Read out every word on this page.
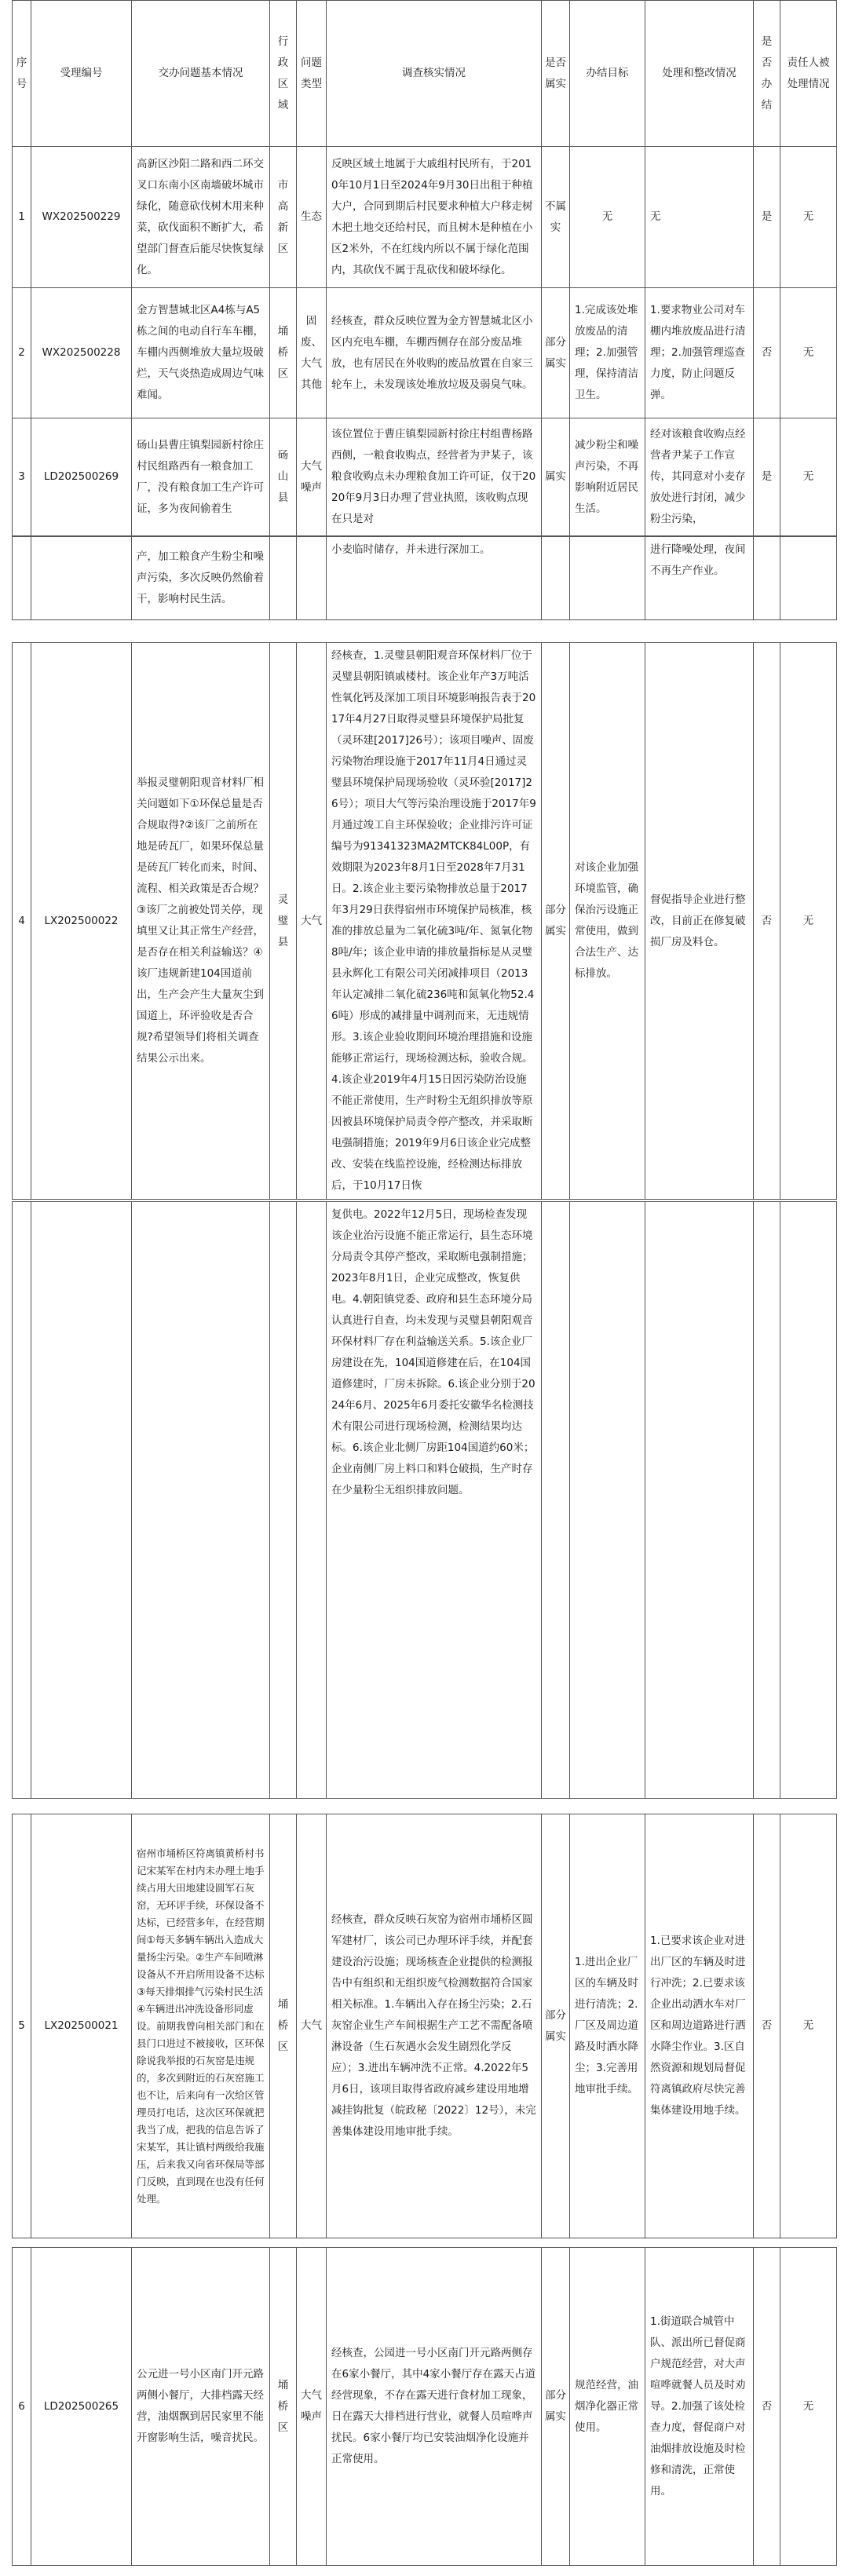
序号	受理编号	交办问题基本情况	行政区域	问题类型	调查核实情况	是否属实	办结目标	处理和整改情况	是否办结	责任人被处理情况
1	WX202500229	高新区沙阳二路和西二环交叉口东南小区南墙破坏城市绿化，随意砍伐树木用来种菜，砍伐面积不断扩大，希望部门督查后能尽快恢复绿化。	市高新区	生态	反映区域土地属于大戚组村民所有，于2010年10月1日至2024年9月30日出租于种植大户，合同到期后村民要求种植大户移走树木把土地交还给村民，而且树木是种植在小区2米外，不在红线内所以不属于绿化范围内，其砍伐不属于乱砍伐和破坏绿化。	不属实	无	无	是	无
2	WX202500228	金方智慧城北区A4栋与A5栋之间的电动自行车车棚，车棚内西侧堆放大量垃圾破烂，天气炎热造成周边气味难闻。	埇桥区	固废、大气其他	经核查，群众反映位置为金方智慧城北区小区内充电车棚，车棚西侧存在部分废品堆放，也有居民在外收购的废品放置在自家三轮车上，未发现该处堆放垃圾及弱臭气味。	部分属实	1.完成该处堆放废品的清理；2.加强管理，保持清洁卫生。	1.要求物业公司对车棚内堆放废品进行清理；2.加强管理巡查力度，防止问题反弹。	否	无
3	LD202500269	砀山县曹庄镇梨园新村徐庄村民组路西有一粮食加工厂，没有粮食加工生产许可证，多为夜间偷着生	砀山县	大气噪声	该位置位于曹庄镇梨园新村徐庄村组曹杨路西侧，一粮食收购点，经营者为尹某子，该粮食收购点未办理粮食加工许可证，仅于2020年9月3日办理了营业执照，该收购点现在只是对	属实	减少粉尘和噪声污染，不再影响附近居民生活。	经对该粮食收购点经营者尹某子工作宣传，其同意对小麦存放处进行封闭，减少粉尘污染，	是	无
		产，加工粮食产生粉尘和噪声污染，多次反映仍然偷着干，影响村民生活。			小麦临时储存，并未进行深加工。			进行降噪处理，夜间不再生产作业。		
4	LX202500022	举报灵璧朝阳观音材料厂相关问题如下①环保总量是否合规取得?②该厂之前所在地是砖瓦厂，如果环保总量是砖瓦厂转化而来，时间、流程、相关政策是否合规？③该厂之前被处罚关停，现填里又让其正常生产经营，是否存在相关利益输送？④该厂违规新建104国道前出，生产会产生大量灰尘到国道上，环评验收是否合规?希望领导们将相关调查结果公示出来。	灵璧县	大气	经核查，1.灵璧县朝阳观音环保材料厂位于灵璧县朝阳镇戚楼村。该企业年产3万吨活性氧化钙及深加工项目环境影响报告表于2017年4月27日取得灵璧县环境保护局批复（灵环建[2017]26号）；该项目噪声、固废污染物治理设施于2017年11月4日通过灵璧县环境保护局现场验收（灵环验[2017]26号）；项目大气等污染治理设施于2017年9月通过竣工自主环保验收；企业排污许可证编号为91341323MA2MTCK84L00P，有效期限为2023年8月1日至2028年7月31日。2.该企业主要污染物排放总量于2017年3月29日获得宿州市环境保护局核准，核准的排放总量为二氧化硫3吨/年、氮氧化物8吨/年；该企业申请的排放量指标是从灵璧县永辉化工有限公司关闭减排项目（2013年认定减排二氧化硫236吨和氮氧化物52.46吨）形成的减排量中调剂而来，无违规情形。3.该企业验收期间环境治理措施和设施能够正常运行，现场检测达标，验收合规。4.该企业2019年4月15日因污染防治设施不能正常使用，生产时粉尘无组织排放等原因被县环境保护局责令停产整改，并采取断电强制措施；2019年9月6日该企业完成整改、安装在线监控设施，经检测达标排放后，于10月17日恢	部分属实	对该企业加强环境监管，确保治污设施正常使用，做到合法生产、达标排放。	督促指导企业进行整改，目前正在修复破损厂房及料仓。	否	无
					复供电。2022年12月5日，现场检查发现该企业治污设施不能正常运行，县生态环境分局责令其停产整改，采取断电强制措施；2023年8月1日，企业完成整改，恢复供电。4.朝阳镇党委、政府和县生态环境分局认真进行自查，均未发现与灵璧县朝阳观音环保材料厂存在利益输送关系。5.该企业厂房建设在先，104国道修建在后，在104国道修建时，厂房未拆除。6.该企业分别于2024年6月、2025年6月委托安徽华名检测技术有限公司进行现场检测，检测结果均达标。6.该企业北侧厂房距104国道约60米；企业南侧厂房上料口和料仓破损，生产时存在少量粉尘无组织排放问题。					
5	LX202500021	宿州市埇桥区符离镇黄桥村书记宋某军在村内未办理土地手续占用大田地建设圆军石灰窑，无环评手续，环保设备不达标，已经营多年，在经营期间①每天多辆车辆出入造成大量扬尘污染。②生产车间喷淋设备从不开启所用设备不达标③每天排烟排气污染村民生活④车辆进出冲洗设备形同虚设。前期我曾向相关部门和在县门口进过不被接收，区环保除说我举报的石灰窑是违规的，多次到附近的石灰窑施工也不让，后来向有一次给区管理员打电话，这次区环保就把我当了成，把我的信息告诉了宋某军，其让镇村两级给我施压，后来我又向省环保局等部门反映，直到现在也没有任何处理。	埇桥区	大气	经核查，群众反映石灰窑为宿州市埇桥区圆军建材厂，该公司已办理环评手续，并配套建设治污设施；现场核查企业提供的检测报告中有组织和无组织废气检测数据符合国家相关标准。1.车辆出入存在扬尘污染；2.石灰窑企业生产车间根据生产工艺不需配备喷淋设备（生石灰遇水会发生剧烈化学反应）；3.进出车辆冲洗不正常。4.2022年5月6日，该项目取得省政府减乡建设用地增减挂钩批复（皖政秘〔2022〕12号），未完善集体建设用地审批手续。	部分属实	1.进出企业厂区的车辆及时进行清洗；2.厂区及周边道路及时洒水降尘；3.完善用地审批手续。	1.已要求该企业对进出厂区的车辆及时进行冲洗；2.已要求该企业出动洒水车对厂区和周边道路进行洒水降尘作业。3.区自然资源和规划局督促符离镇政府尽快完善集体建设用地手续。	否	无
6	LD202500265	公元进一号小区南门开元路两侧小餐厅，大排档露天经营，油烟飘到居民家里不能开窗影响生活，噪音扰民。	埇桥区	大气噪声	经核查，公园进一号小区南门开元路两侧存在6家小餐厅，其中4家小餐厅存在露天占道经营现象，不存在露天进行食材加工现象，日在露天大排档进行营业，就餐人员喧哗声扰民。6家小餐厅均已安装油烟净化设施并正常使用。	部分属实	规范经营，油烟净化器正常使用。	1.街道联合城管中队、派出所已督促商户规范经营，对大声喧哗就餐人员及时劝导。2.加强了该处检查力度，督促商户对油烟排放设施及时检修和清洗，正常使用。	否	无
